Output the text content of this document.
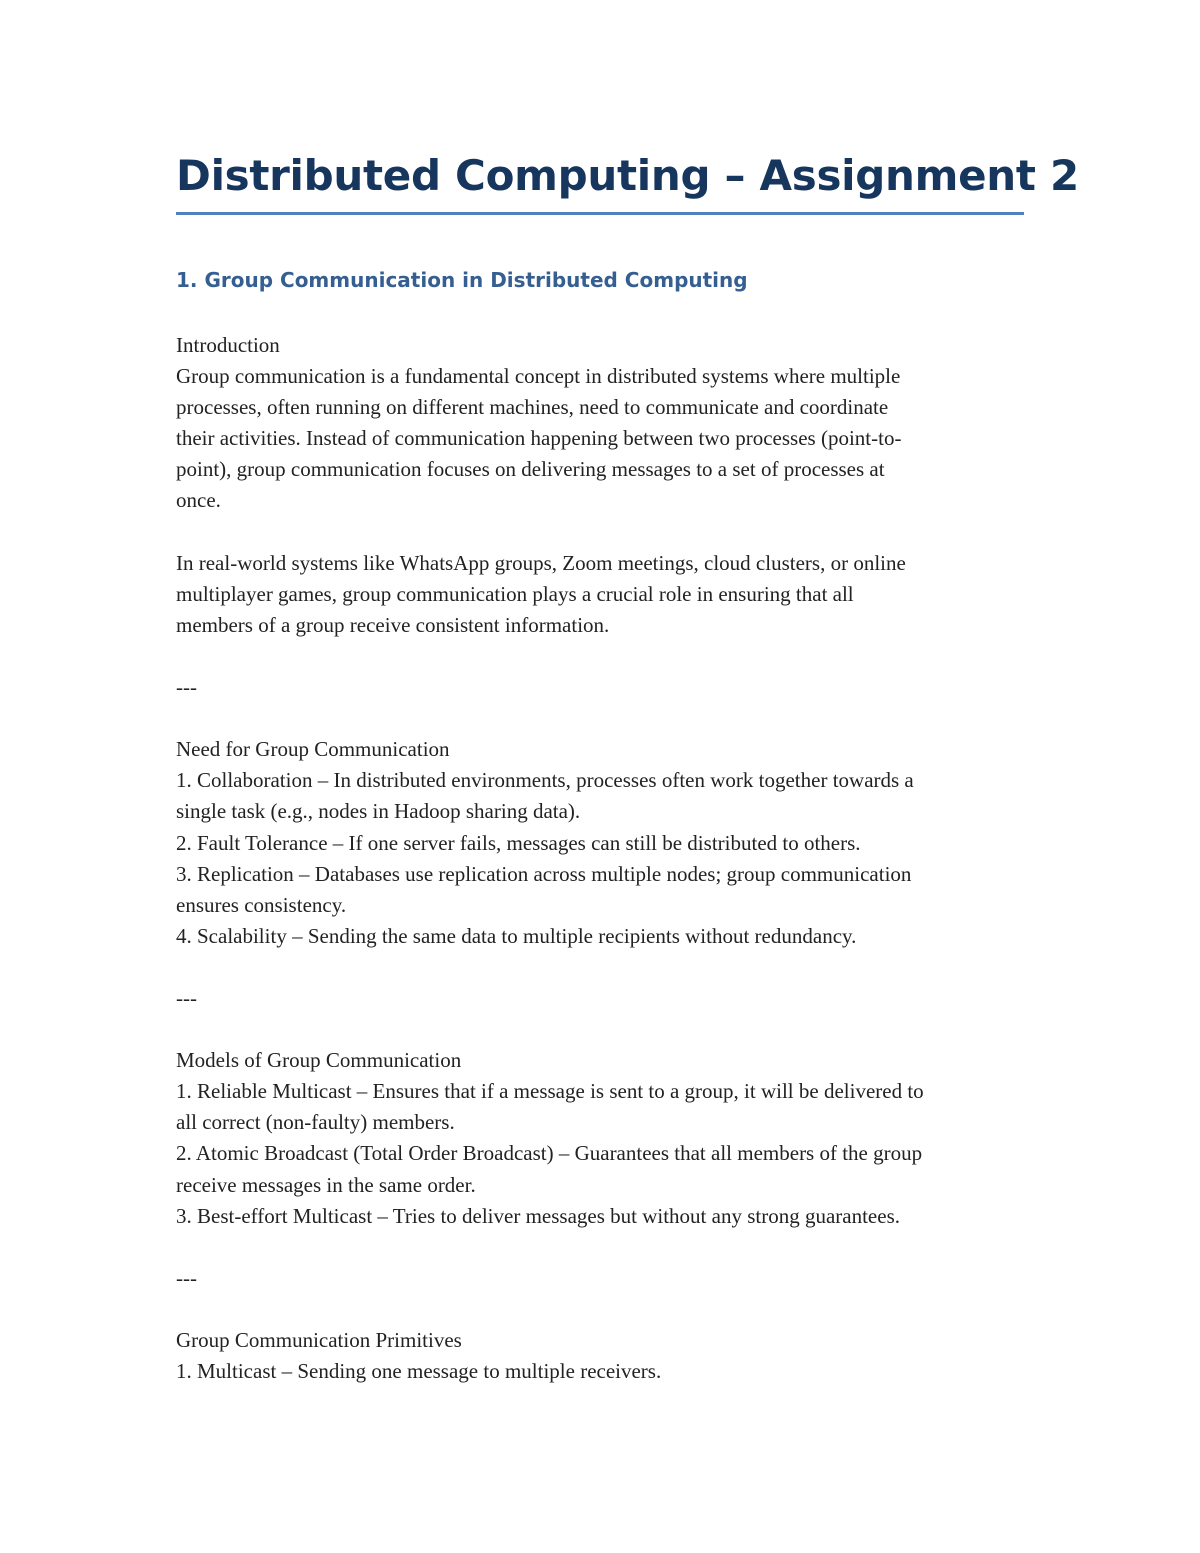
Distributed Computing – Assignment 2
1. Group Communication in Distributed Computing
Introduction
Group communication is a fundamental concept in distributed systems where multiple
processes, often running on different machines, need to communicate and coordinate
their activities. Instead of communication happening between two processes (point-to-
point), group communication focuses on delivering messages to a set of processes at
once.
In real-world systems like WhatsApp groups, Zoom meetings, cloud clusters, or online
multiplayer games, group communication plays a crucial role in ensuring that all
members of a group receive consistent information.
---
Need for Group Communication
1. Collaboration – In distributed environments, processes often work together towards a
single task (e.g., nodes in Hadoop sharing data).
2. Fault Tolerance – If one server fails, messages can still be distributed to others.
3. Replication – Databases use replication across multiple nodes; group communication
ensures consistency.
4. Scalability – Sending the same data to multiple recipients without redundancy.
---
Models of Group Communication
1. Reliable Multicast – Ensures that if a message is sent to a group, it will be delivered to
all correct (non-faulty) members.
2. Atomic Broadcast (Total Order Broadcast) – Guarantees that all members of the group
receive messages in the same order.
3. Best-effort Multicast – Tries to deliver messages but without any strong guarantees.
---
Group Communication Primitives
1. Multicast – Sending one message to multiple receivers.
